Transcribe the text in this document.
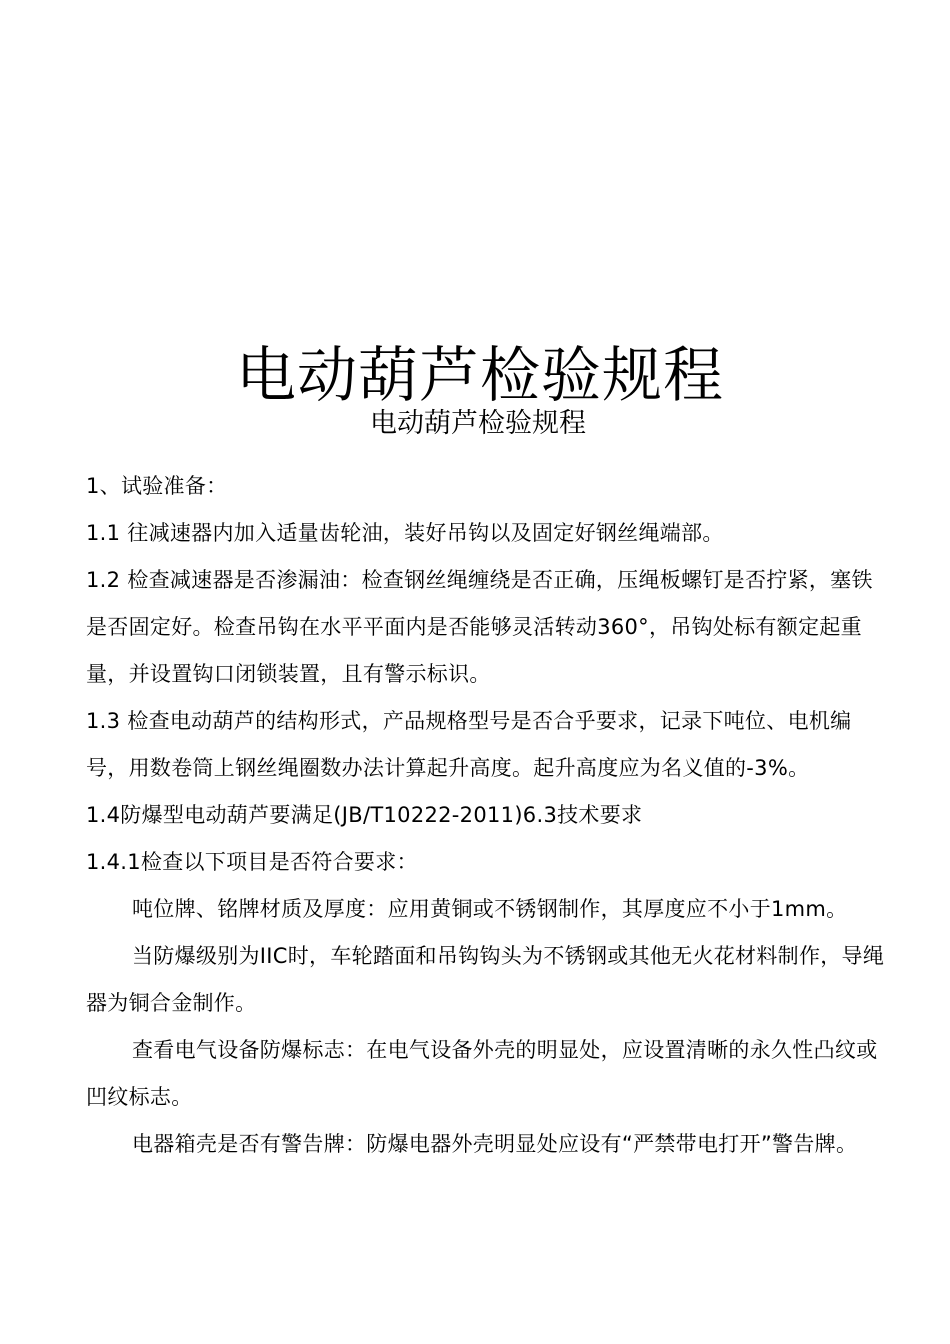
电动葫芦检验规程
电动葫芦检验规程

1、试验准备：

1.1 往减速器内加入适量齿轮油，装好吊钩以及固定好钢丝绳端部。

1.2 检查减速器是否渗漏油：检查钢丝绳缠绕是否正确，压绳板螺钉是否拧紧，塞铁是否固定好。检查吊钩在水平平面内是否能够灵活转动360°，吊钩处标有额定起重量，并设置钩口闭锁装置，且有警示标识。

1.3 检查电动葫芦的结构形式，产品规格型号是否合乎要求，记录下吨位、电机编号，用数卷筒上钢丝绳圈数办法计算起升高度。起升高度应为名义值的-3%。

1.4防爆型电动葫芦要满足(JB/T10222-2011)6.3技术要求

1.4.1检查以下项目是否符合要求：

吨位牌、铭牌材质及厚度：应用黄铜或不锈钢制作，其厚度应不小于1mm。

当防爆级别为IIC时，车轮踏面和吊钩钩头为不锈钢或其他无火花材料制作，导绳器为铜合金制作。

查看电气设备防爆标志：在电气设备外壳的明显处，应设置清晰的永久性凸纹或凹纹标志。

电器箱壳是否有警告牌：防爆电器外壳明显处应设有“严禁带电打开”警告牌。
